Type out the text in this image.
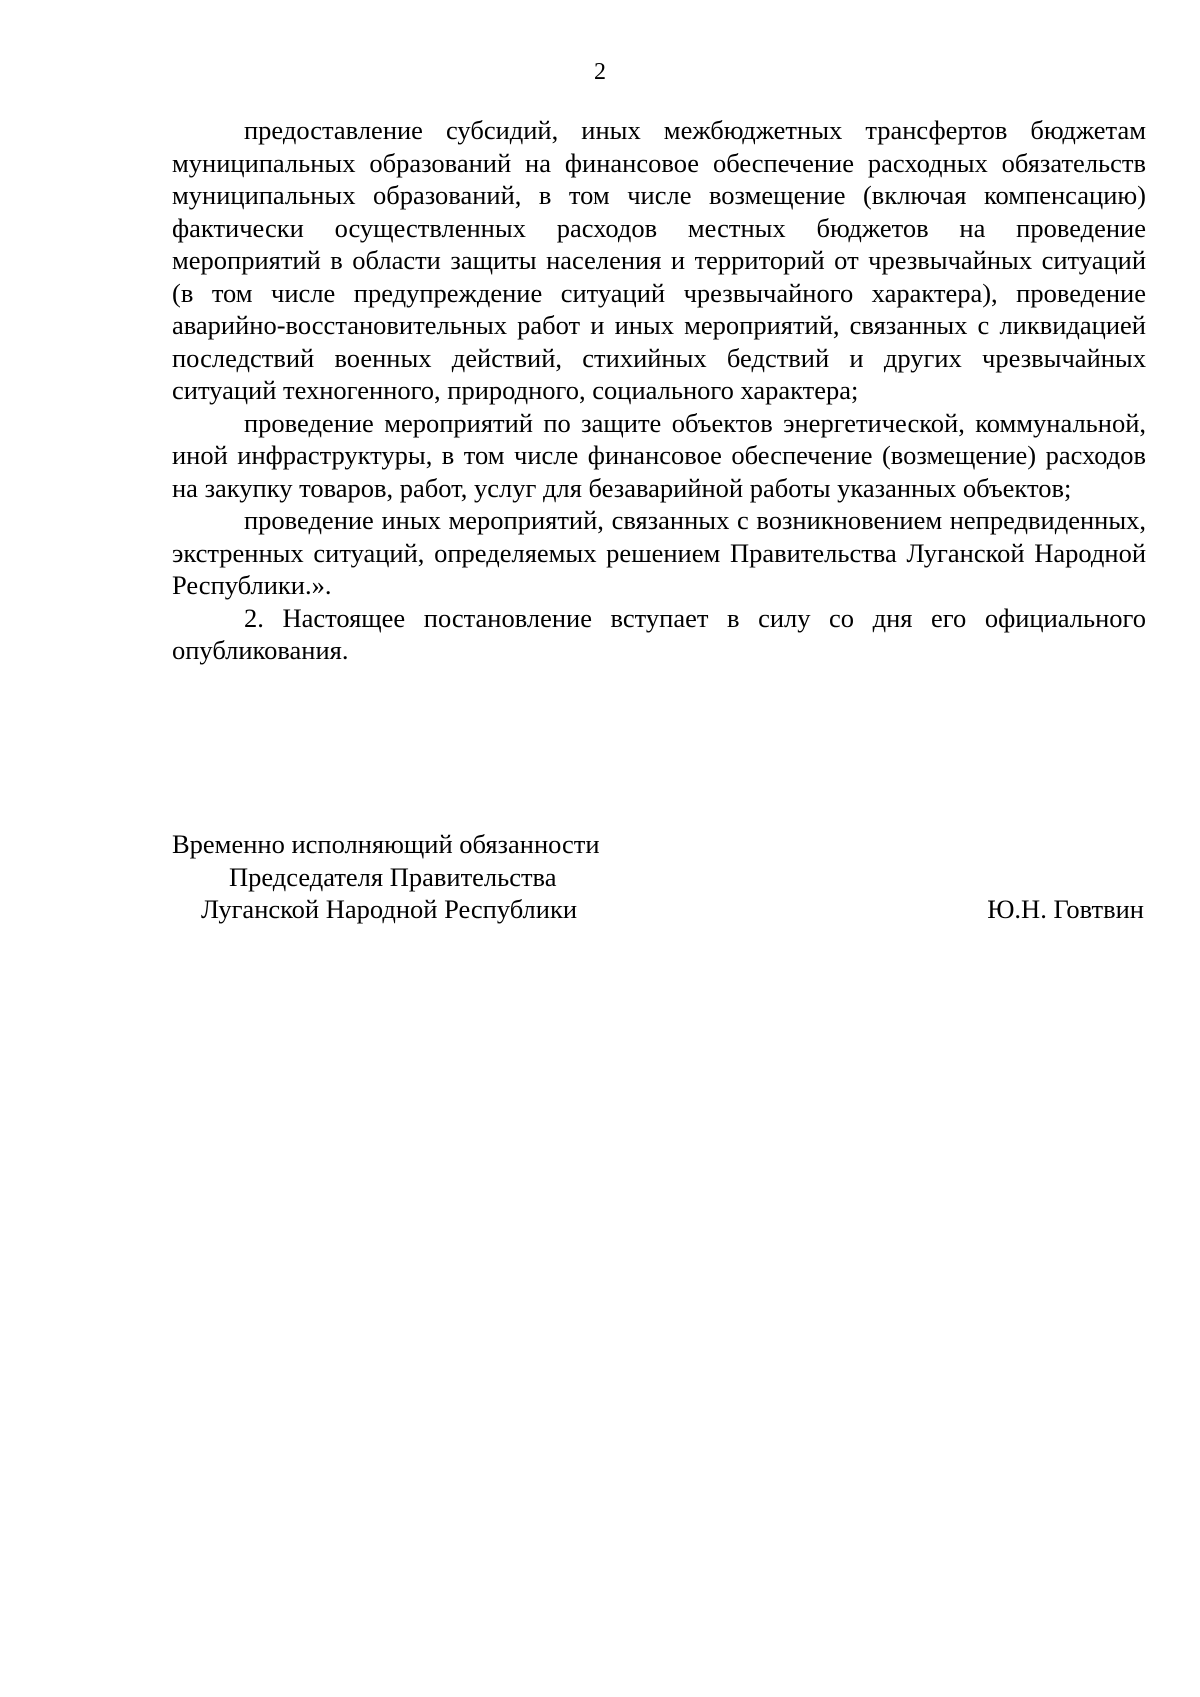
2

предоставление субсидий, иных межбюджетных трансфертов бюджетам муниципальных образований на финансовое обеспечение расходных обязательств муниципальных образований, в том числе возмещение (включая компенсацию) фактически осуществленных расходов местных бюджетов на проведение мероприятий в области защиты населения и территорий от чрезвычайных ситуаций (в том числе предупреждение ситуаций чрезвычайного характера), проведение аварийно-восстановительных работ и иных мероприятий, связанных с ликвидацией последствий военных действий, стихийных бедствий и других чрезвычайных ситуаций техногенного, природного, социального характера;

проведение мероприятий по защите объектов энергетической, коммунальной, иной инфраструктуры, в том числе финансовое обеспечение (возмещение) расходов на закупку товаров, работ, услуг для безаварийной работы указанных объектов;

проведение иных мероприятий, связанных с возникновением непредвиденных, экстренных ситуаций, определяемых решением Правительства Луганской Народной Республики.».

2. Настоящее постановление вступает в силу со дня его официального опубликования.

Временно исполняющий обязанности
Председателя Правительства
Луганской Народной Республики	Ю.Н. Говтвин
